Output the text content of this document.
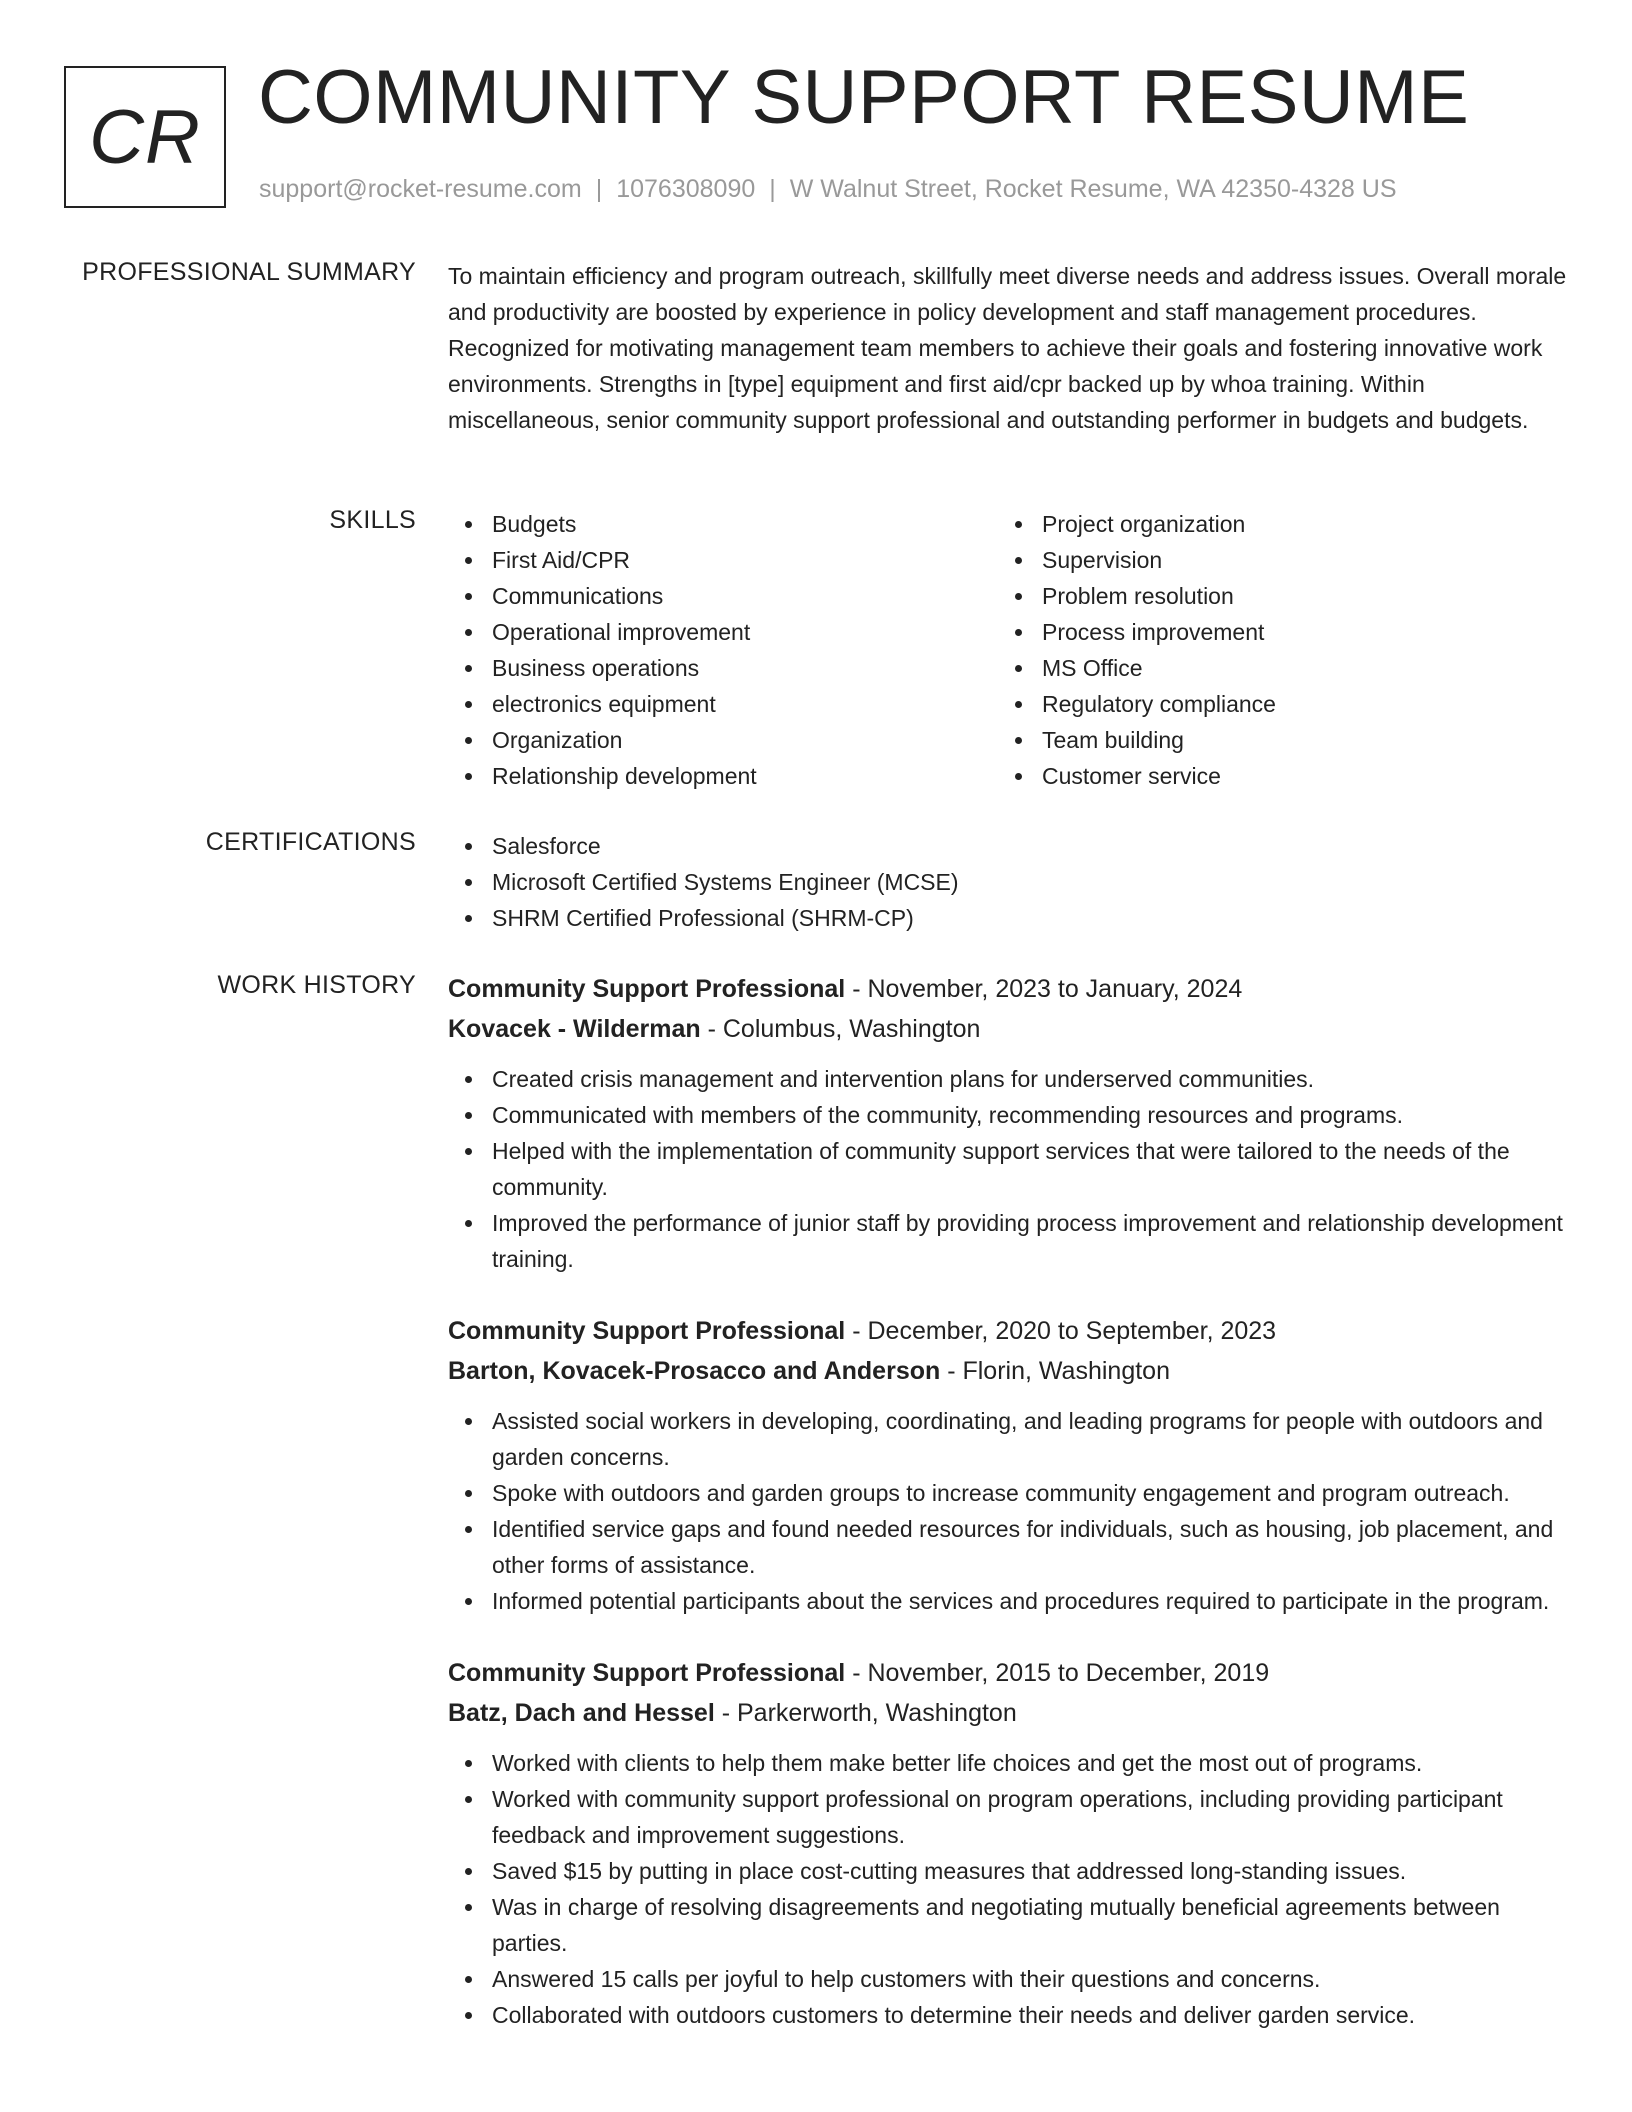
CR COMMUNITY SUPPORT RESUME
support@rocket-resume.com | 1076308090 | W Walnut Street, Rocket Resume, WA 42350-4328 US
PROFESSIONAL SUMMARY To maintain efficiency and program outreach, skillfully meet diverse needs and address issues. Overall morale and productivity are boosted by experience in policy development and staff management procedures. Recognized for motivating management team members to achieve their goals and fostering innovative work environments. Strengths in [type] equipment and first aid/cpr backed up by whoa training. Within miscellaneous, senior community support professional and outstanding performer in budgets and budgets.

SKILLS	Budgets
First Aid/CPR
Communications
Operational improvement
Business operations
electronics equipment
Organization
Relationship development
Project organization
Supervision
Problem resolution
Process improvement
MS Office
Regulatory compliance
Team building
Customer service
CERTIFICATIONS	Salesforce
Microsoft Certified Systems Engineer (MCSE)
SHRM Certified Professional (SHRM-CP)
WORK HISTORY Community Support Professional - November, 2023 to January, 2024
Kovacek - Wilderman - Columbus, Washington
Created crisis management and intervention plans for underserved communities.
Communicated with members of the community, recommending resources and programs.
Helped with the implementation of community support services that were tailored to the needs of the community.
Improved the performance of junior staff by providing process improvement and relationship development training.
Community Support Professional - December, 2020 to September, 2023
Barton, Kovacek-Prosacco and Anderson - Florin, Washington
Assisted social workers in developing, coordinating, and leading programs for people with outdoors and garden concerns.
Spoke with outdoors and garden groups to increase community engagement and program outreach.
Identified service gaps and found needed resources for individuals, such as housing, job placement, and other forms of assistance.
Informed potential participants about the services and procedures required to participate in the program.
Community Support Professional - November, 2015 to December, 2019
Batz, Dach and Hessel - Parkerworth, Washington
Worked with clients to help them make better life choices and get the most out of programs.
Worked with community support professional on program operations, including providing participant feedback and improvement suggestions.
Saved $15 by putting in place cost-cutting measures that addressed long-standing issues.
Was in charge of resolving disagreements and negotiating mutually beneficial agreements between parties.
Answered 15 calls per joyful to help customers with their questions and concerns.
Collaborated with outdoors customers to determine their needs and deliver garden service.
